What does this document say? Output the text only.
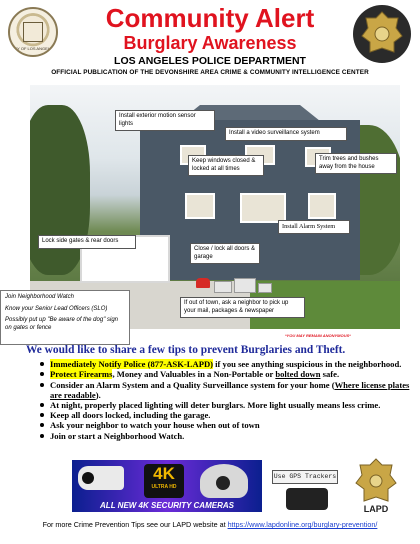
CITY OF LOS ANGELES
Community Alert
Burglary Awareness
LOS ANGELES POLICE DEPARTMENT
OFFICIAL PUBLICATION OF THE DEVONSHIRE AREA CRIME & COMMUNITY INTELLIGENCE CENTER
Install exterior motion sensor lights
Install a video surveillance system
Keep windows closed & locked at all times
Trim trees and bushes away from the house
Install Alarm System
Lock side gates & rear doors
Close / lock all doors & garage
If out of town, ask a neighbor to pick up your mail, packages & newspaper
Join Neighborhood Watch
Know your Senior Lead Officers (SLO)
Possibly put up "Be aware of the dog" sign on gates or fence
*YOU MAY REMAIN ANONYMOUS*
We would like to share a few tips to prevent Burglaries and Theft.
Immediately Notify Police (877-ASK-LAPD) if you see anything suspicious in the neighborhood.
Protect Firearms, Money and Valuables in a Non-Portable or bolted down safe.
Consider an Alarm System and a Quality Surveillance system for your home (Where license plates are readable).
At night, properly placed lighting will deter burglars. More light usually means less crime.
Keep all doors locked, including the garage.
Ask your neighbor to watch your house when out of town
Join or start a Neighborhood Watch.
4K
ULTRA HD
ALL NEW 4K SECURITY CAMERAS
Use GPS Trackers
LAPD
For more Crime Prevention Tips see our LAPD website at https://www.lapdonline.org/burglary-prevention/
